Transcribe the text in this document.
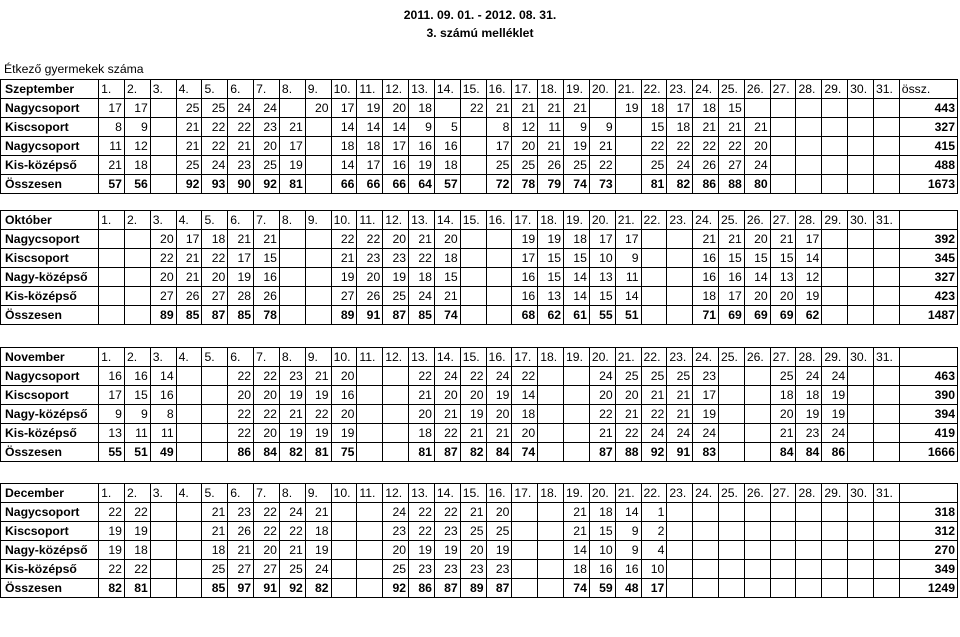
2011. 09. 01. - 2012. 08. 31.
3. számú melléklet
Étkező gyermekek száma
Szeptember	1.	2.	3.	4.	5.	6.	7.	8.	9.	10.	11.	12.	13.	14.	15.	16.	17.	18.	19.	20.	21.	22.	23.	24.	25.	26.	27.	28.	29.	30.	31.	össz.
Nagycsoport	17	17		25	25	24	24		20	17	19	20	18		22	21	21	21	21		19	18	17	18	15							443
Kiscsoport	8	9		21	22	22	23	21		14	14	14	9	5		8	12	11	9	9		15	18	21	21	21						327
Nagycsoport	11	12		21	22	21	20	17		18	18	17	16	16		17	20	21	19	21		22	22	22	22	20						415
Kis-középső	21	18		25	24	23	25	19		14	17	16	19	18		25	25	26	25	22		25	24	26	27	24						488
Összesen	57	56		92	93	90	92	81		66	66	66	64	57		72	78	79	74	73		81	82	86	88	80						1673
Október	1.	2.	3.	4.	5.	6.	7.	8.	9.	10.	11.	12.	13.	14.	15.	16.	17.	18.	19.	20.	21.	22.	23.	24.	25.	26.	27.	28.	29.	30.	31.	
Nagycsoport			20	17	18	21	21			22	22	20	21	20			19	19	18	17	17			21	21	20	21	17				392
Kiscsoport			22	21	22	17	15			21	23	23	22	18			17	15	15	10	9			16	15	15	15	14				345
Nagy-középső			20	21	20	19	16			19	20	19	18	15			16	15	14	13	11			16	16	14	13	12				327
Kis-középső			27	26	27	28	26			27	26	25	24	21			16	13	14	15	14			18	17	20	20	19				423
Összesen			89	85	87	85	78			89	91	87	85	74			68	62	61	55	51			71	69	69	69	62				1487
November	1.	2.	3.	4.	5.	6.	7.	8.	9.	10.	11.	12.	13.	14.	15.	16.	17.	18.	19.	20.	21.	22.	23.	24.	25.	26.	27.	28.	29.	30.	31.	
Nagycsoport	16	16	14			22	22	23	21	20			22	24	22	24	22			24	25	25	25	23			25	24	24			463
Kiscsoport	17	15	16			20	20	19	19	16			21	20	20	19	14			20	20	21	21	17			18	18	19			390
Nagy-középső	9	9	8			22	22	21	22	20			20	21	19	20	18			22	21	22	21	19			20	19	19			394
Kis-középső	13	11	11			22	20	19	19	19			18	22	21	21	20			21	22	24	24	24			21	23	24			419
Összesen	55	51	49			86	84	82	81	75			81	87	82	84	74			87	88	92	91	83			84	84	86			1666
December	1.	2.	3.	4.	5.	6.	7.	8.	9.	10.	11.	12.	13.	14.	15.	16.	17.	18.	19.	20.	21.	22.	23.	24.	25.	26.	27.	28.	29.	30.	31.	
Nagycsoport	22	22			21	23	22	24	21			24	22	22	21	20			21	18	14	1										318
Kiscsoport	19	19			21	26	22	22	18			23	22	23	25	25			21	15	9	2										312
Nagy-középső	19	18			18	21	20	21	19			20	19	19	20	19			14	10	9	4										270
Kis-középső	22	22			25	27	27	25	24			25	23	23	23	23			18	16	16	10										349
Összesen	82	81			85	97	91	92	82			92	86	87	89	87			74	59	48	17										1249
